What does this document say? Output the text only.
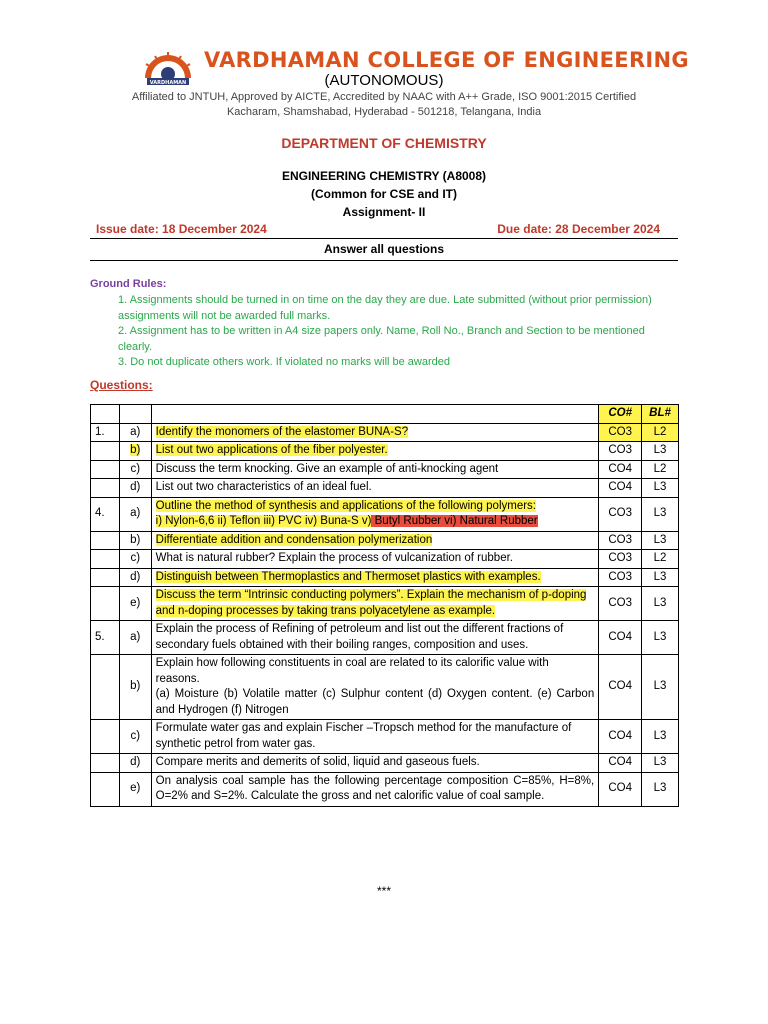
VARDHAMAN
VARDHAMAN COLLEGE OF ENGINEERING
(AUTONOMOUS)
Affiliated to JNTUH, Approved by AICTE, Accredited by NAAC with A++ Grade, ISO 9001:2015 Certified
Kacharam, Shamshabad, Hyderabad - 501218, Telangana, India
DEPARTMENT OF CHEMISTRY
ENGINEERING CHEMISTRY (A8008)
(Common for CSE and IT)
Assignment- II
Issue date: 18 December 2024	Due date: 28 December 2024
Answer all questions
Ground Rules:
1. Assignments should be turned in on time on the day they are due. Late submitted (without prior permission) assignments will not be awarded full marks.
2. Assignment has to be written in A4 size papers only. Name, Roll No., Branch and Section to be mentioned clearly.
3. Do not duplicate others work. If violated no marks will be awarded
Questions:
			CO#	BL#
1.	a)	Identify the monomers of the elastomer BUNA-S?	CO3	L2
	b)	List out two applications of the fiber polyester.	CO3	L3
	c)	Discuss the term knocking. Give an example of anti-knocking agent	CO4	L2
	d)	List out two characteristics of an ideal fuel.	CO4	L3
4.	a)	Outline the method of synthesis and applications of the following polymers:
i) Nylon-6,6 ii) Teflon iii) PVC iv) Buna-S v) Butyl Rubber vi) Natural Rubber	CO3	L3
	b)	Differentiate addition and condensation polymerization	CO3	L3
	c)	What is natural rubber? Explain the process of vulcanization of rubber.	CO3	L2
	d)	Distinguish between Thermoplastics and Thermoset plastics with examples.	CO3	L3
	e)	Discuss the term “Intrinsic conducting polymers”. Explain the mechanism of p-doping and n-doping processes by taking trans polyacetylene as example.	CO3	L3
5.	a)	Explain the process of Refining of petroleum and list out the different fractions of secondary fuels obtained with their boiling ranges, composition and uses.	CO4	L3
	b)	Explain how following constituents in coal are related to its calorific value with reasons.
(a) Moisture (b) Volatile matter (c) Sulphur content (d) Oxygen content. (e) Carbon and Hydrogen (f) Nitrogen	CO4	L3
	c)	Formulate water gas and explain Fischer –Tropsch method for the manufacture of synthetic petrol from water gas.	CO4	L3
	d)	Compare merits and demerits of solid, liquid and gaseous fuels.	CO4	L3
	e)	On analysis coal sample has the following percentage composition C=85%, H=8%, O=2% and S=2%. Calculate the gross and net calorific value of coal sample.	CO4	L3
***
